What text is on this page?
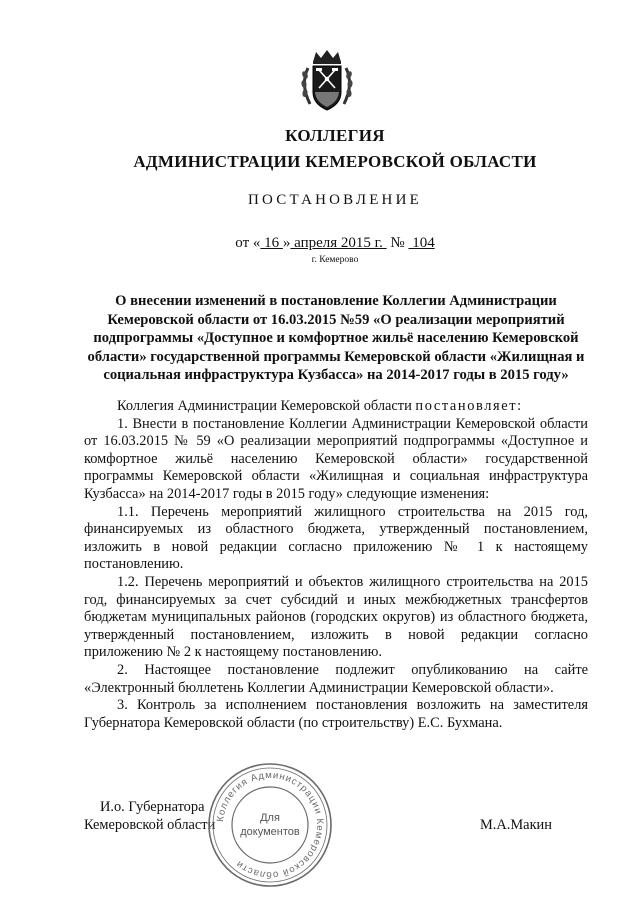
КОЛЛЕГИЯ
АДМИНИСТРАЦИИ КЕМЕРОВСКОЙ ОБЛАСТИ
ПОСТАНОВЛЕНИЕ
от « 16 » апреля 2015 г.  №  104
г. Кемерово
О внесении изменений в постановление Коллегии Администрации Кемеровской области от 16.03.2015 №59 «О реализации мероприятий подпрограммы «Доступное и комфортное жильё населению Кемеровской области» государственной программы Кемеровской области «Жилищная и социальная инфраструктура Кузбасса» на 2014-2017 годы в 2015 году»

Коллегия Администрации Кемеровской области постановляет:

1. Внести в постановление Коллегии Администрации Кемеровской области от 16.03.2015 № 59 «О реализации мероприятий подпрограммы «Доступное и комфортное жильё населению Кемеровской области» государственной программы Кемеровской области «Жилищная и социальная инфраструктура Кузбасса» на 2014-2017 годы в 2015 году» следующие изменения:

1.1. Перечень мероприятий жилищного строительства на 2015 год, финансируемых из областного бюджета, утвержденный постановлением, изложить в новой редакции согласно приложению № 1 к настоящему постановлению.

1.2. Перечень мероприятий и объектов жилищного строительства на 2015 год, финансируемых за счет субсидий и иных межбюджетных трансфертов бюджетам муниципальных районов (городских округов) из областного бюджета, утвержденный постановлением, изложить в новой редакции согласно приложению № 2 к настоящему постановлению.

2. Настоящее постановление подлежит опубликованию на сайте «Электронный бюллетень Коллегии Администрации Кемеровской области».

3. Контроль за исполнением постановления возложить на заместителя Губернатора Кемеровской области (по строительству) Е.С. Бухмана.

И.о. Губернатора
Кемеровской области	М.А.Макин
Коллегия Администрации Кемеровской области
Для
документов
